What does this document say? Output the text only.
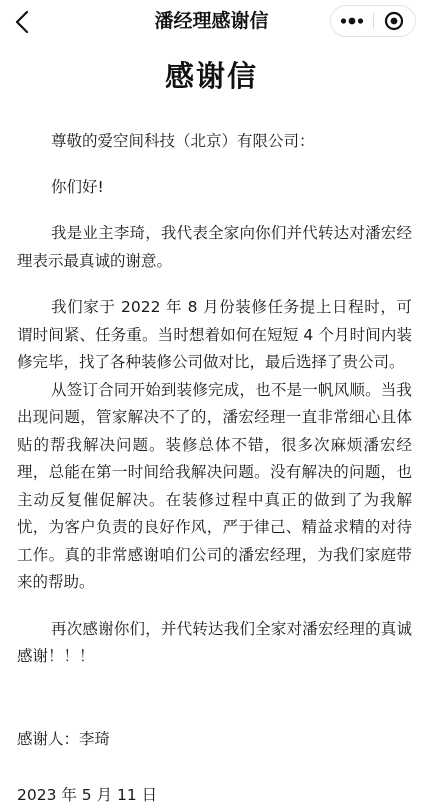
潘经理感谢信
感谢信

尊敬的爱空间科技（北京）有限公司：

你们好!

我是业主李琦，我代表全家向你们并代转达对潘宏经理表示最真诚的谢意。

我们家于 2022 年 8 月份装修任务提上日程时，可谓时间紧、任务重。当时想着如何在短短 4 个月时间内装修完毕，找了各种装修公司做对比，最后选择了贵公司。

从签订合同开始到装修完成，也不是一帆风顺。当我出现问题，管家解决不了的，潘宏经理一直非常细心且体贴的帮我解决问题。装修总体不错，很多次麻烦潘宏经理，总能在第一时间给我解决问题。没有解决的问题，也主动反复催促解决。在装修过程中真正的做到了为我解忧，为客户负责的良好作风，严于律己、精益求精的对待工作。真的非常感谢咱们公司的潘宏经理，为我们家庭带来的帮助。

再次感谢你们，并代转达我们全家对潘宏经理的真诚感谢！！！

感谢人：李琦

2023 年 5 月 11 日
